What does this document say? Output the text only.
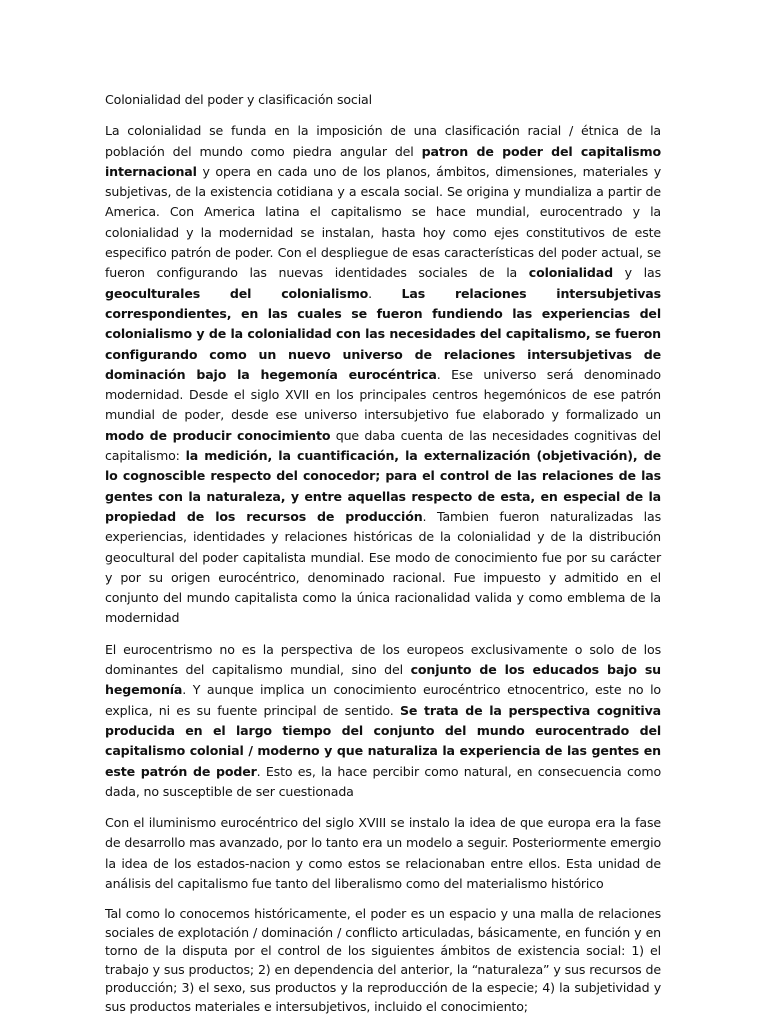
Colonialidad del poder y clasificación social

La colonialidad se funda en la imposición de una clasificación racial / étnica de la población del mundo como piedra angular del patron de poder del capitalismo internacional y opera en cada uno de los planos, ámbitos, dimensiones, materiales y subjetivas, de la existencia cotidiana y a escala social. Se origina y mundializa a partir de America. Con America latina el capitalismo se hace mundial, eurocentrado y la colonialidad y la modernidad se instalan, hasta hoy como ejes constitutivos de este especifico patrón de poder. Con el despliegue de esas características del poder actual, se fueron configurando las nuevas identidades sociales de la colonialidad y las geoculturales del colonialismo. Las relaciones intersubjetivas correspondientes, en las cuales se fueron fundiendo las experiencias del colonialismo y de la colonialidad con las necesidades del capitalismo, se fueron configurando como un nuevo universo de relaciones intersubjetivas de dominación bajo la hegemonía eurocéntrica. Ese universo será denominado modernidad. Desde el siglo XVII en los principales centros hegemónicos de ese patrón mundial de poder, desde ese universo intersubjetivo fue elaborado y formalizado un modo de producir conocimiento que daba cuenta de las necesidades cognitivas del capitalismo: la medición, la cuantificación, la externalización (objetivación), de lo cognoscible respecto del conocedor; para el control de las relaciones de las gentes con la naturaleza, y entre aquellas respecto de esta, en especial de la propiedad de los recursos de producción. Tambien fueron naturalizadas las experiencias, identidades y relaciones históricas de la colonialidad y de la distribución geocultural del poder capitalista mundial. Ese modo de conocimiento fue por su carácter y por su origen eurocéntrico, denominado racional. Fue impuesto y admitido en el conjunto del mundo capitalista como la única racionalidad valida y como emblema de la modernidad

El eurocentrismo no es la perspectiva de los europeos exclusivamente o solo de los dominantes del capitalismo mundial, sino del conjunto de los educados bajo su hegemonía. Y aunque implica un conocimiento eurocéntrico etnocentrico, este no lo explica, ni es su fuente principal de sentido. Se trata de la perspectiva cognitiva producida en el largo tiempo del conjunto del mundo eurocentrado del capitalismo colonial / moderno y que naturaliza la experiencia de las gentes en este patrón de poder. Esto es, la hace percibir como natural, en consecuencia como dada, no susceptible de ser cuestionada

Con el iluminismo eurocéntrico del siglo XVIII se instalo la idea de que europa era la fase de desarrollo mas avanzado, por lo tanto era un modelo a seguir. Posteriormente emergio la idea de los estados-nacion y como estos se relacionaban entre ellos. Esta unidad de análisis del capitalismo fue tanto del liberalismo como del materialismo histórico

Tal como lo conocemos históricamente, el poder es un espacio y una malla de relaciones sociales de explotación / dominación / conflicto articuladas, básicamente, en función y en torno de la disputa por el control de los siguientes ámbitos de existencia social: 1) el trabajo y sus productos; 2) en dependencia del anterior, la “naturaleza” y sus recursos de producción; 3) el sexo, sus productos y la reproducción de la especie; 4) la subjetividad y sus productos materiales e intersubjetivos, incluido el conocimiento;
